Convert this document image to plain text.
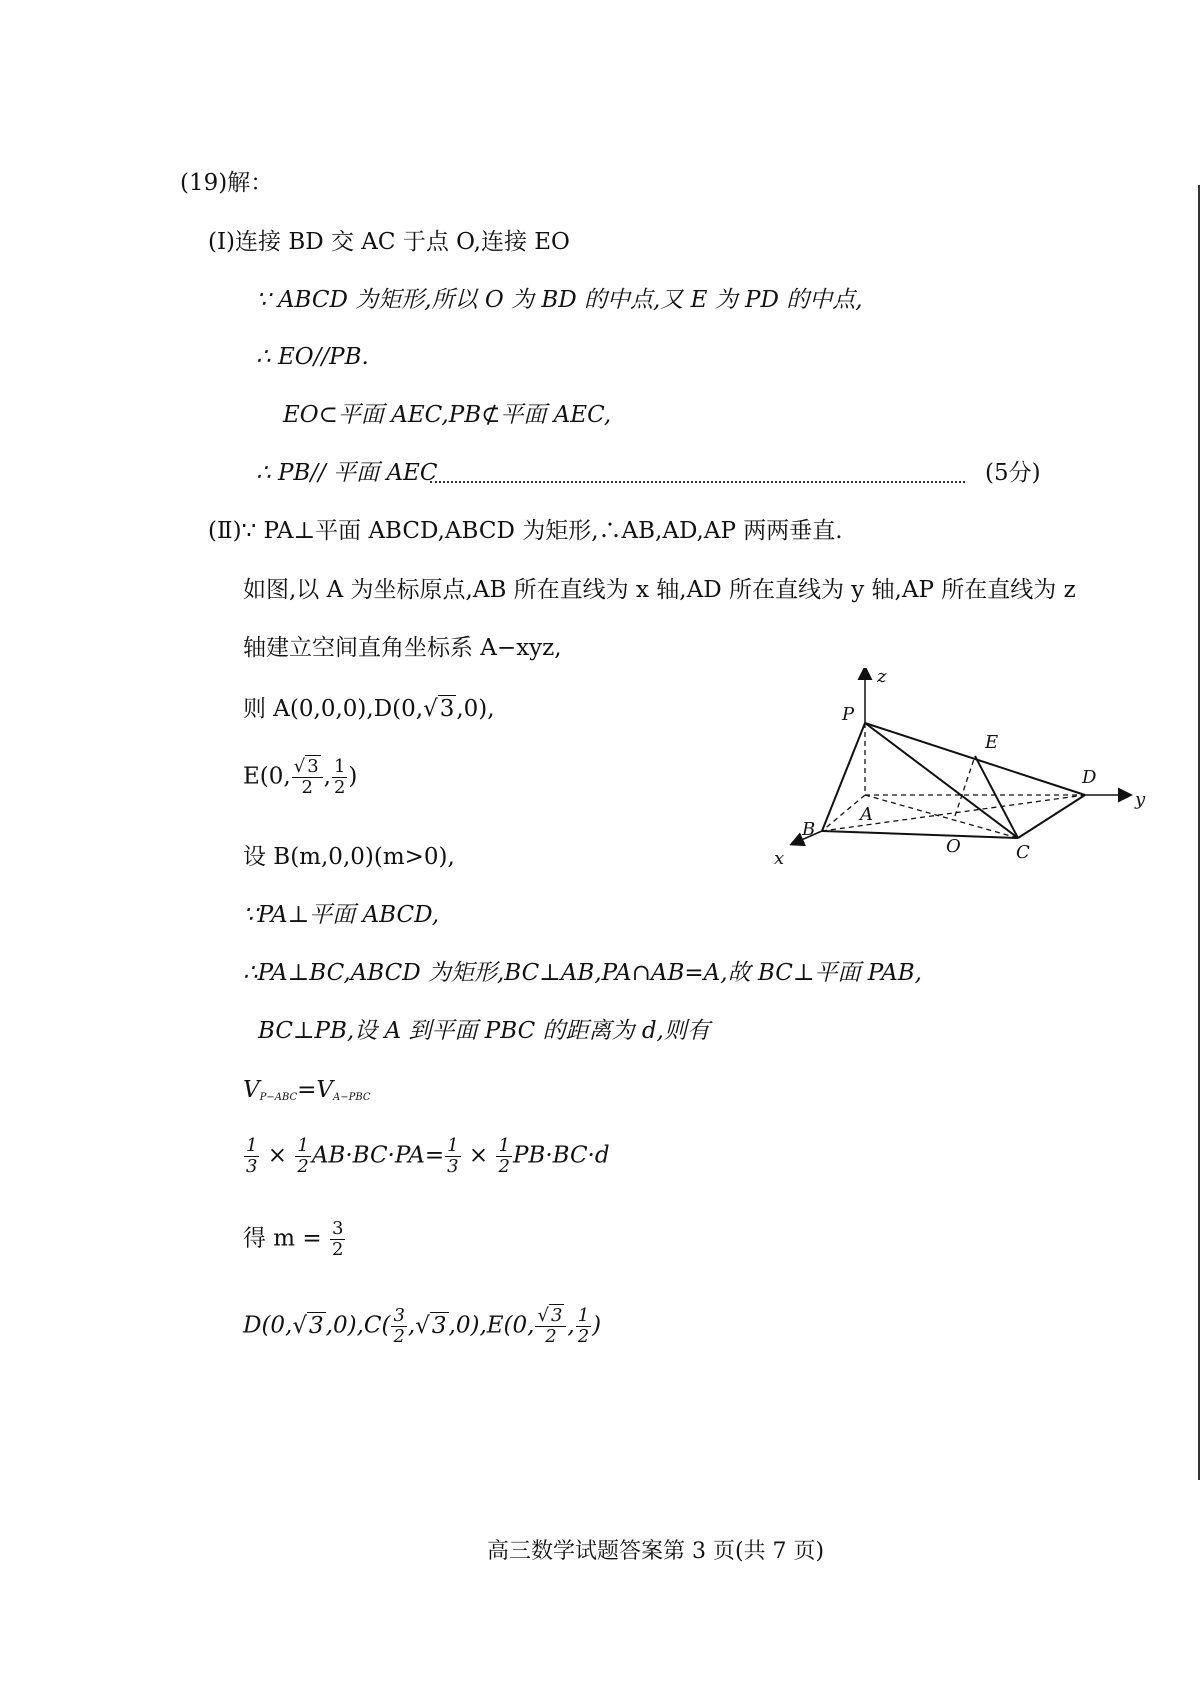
(19)解：
(Ⅰ)连接 BD 交 AC 于点 O,连接 EO
∵ ABCD 为矩形,所以 O 为 BD 的中点,又 E 为 PD 的中点,
∴ EO//PB.
EO⊂平面 AEC,PB⊄平面 AEC,
∴ PB// 平面 AEC	(5分)
(Ⅱ)∵ PA⊥平面 ABCD,ABCD 为矩形,∴AB,AD,AP 两两垂直.
如图,以 A 为坐标原点,AB 所在直线为 x 轴,AD 所在直线为 y 轴,AP 所在直线为 z
轴建立空间直角坐标系 A−xyz,
则 A(0,0,0),D(0,√3,0),
E(0, $\frac{√ 3}{2}$ , $\frac{1}{2}$ )
设 B(m,0,0)(m>0),
∵PA⊥平面 ABCD,
∴PA⊥BC,ABCD 为矩形,BC⊥AB,PA∩AB=A,故 BC⊥平面 PAB,
BC⊥PB,设 A 到平面 PBC 的距离为 d,则有
$V_{P-ABC}=V_{A-PBC}$
$\frac{1}{3} \times \frac{1}{2} AB\cdot BC\cdot PA= \frac{1}{3} \times \frac{1}{2} PB\cdot BC\cdot d$
得 $m = \frac{3}{2}$
$D(0,√3,0),C( \frac{3}{2} ,√3,0),E(0$, $\frac{√ 3}{2}$ , $\frac{1}{2}$ )
z
P
E
D
y
A
O
B
C
x
高三数学试题答案第 3 页(共 7 页)
